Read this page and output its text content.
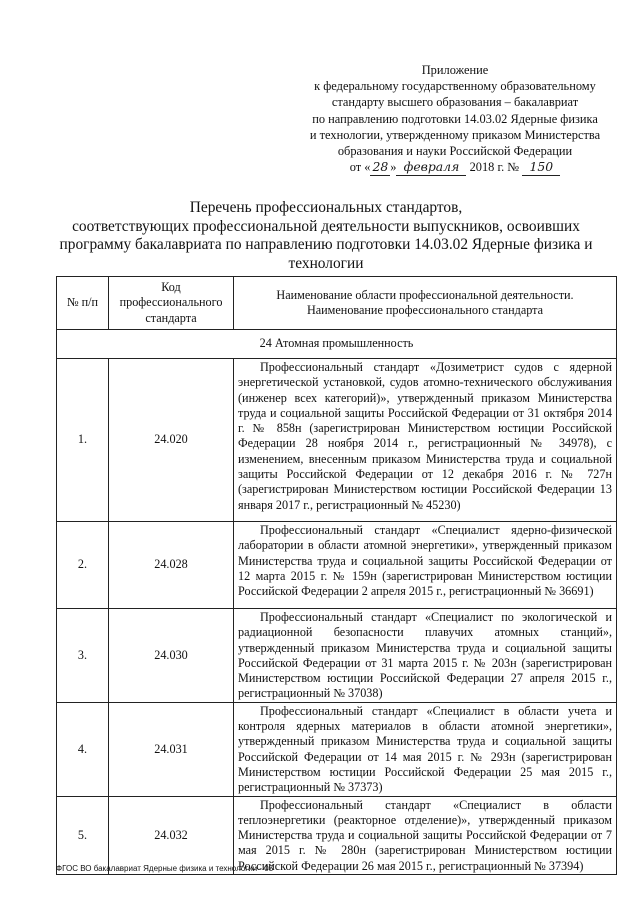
Приложение
к федеральному государственному образовательному
стандарту высшего образования – бакалавриат
по направлению подготовки 14.03.02 Ядерные физика
и технологии, утвержденному приказом Министерства
образования и науки Российской Федерации
от « 28 » февраля 2018 г. № 150
Перечень профессиональных стандартов,
соответствующих профессиональной деятельности выпускников, освоивших
программу бакалавриата по направлению подготовки 14.03.02 Ядерные физика и
технологии
№ п/п	Код профессионального стандарта	Наименование области профессиональной деятельности. Наименование профессионального стандарта
24 Атомная промышленность		
1.	24.020	Профессиональный стандарт «Дозиметрист судов с ядерной энергетической установкой, судов атомно-технического обслуживания (инженер всех категорий)», утвержденный приказом Министерства труда и социальной защиты Российской Федерации от 31 октября 2014 г. № 858н (зарегистрирован Министерством юстиции Российской Федерации 28 ноября 2014 г., регистрационный № 34978), с изменением, внесенным приказом Министерства труда и социальной защиты Российской Федерации от 12 декабря 2016 г. № 727н (зарегистрирован Министерством юстиции Российской Федерации 13 января 2017 г., регистрационный № 45230)
2.	24.028	Профессиональный стандарт «Специалист ядерно-физической лаборатории в области атомной энергетики», утвержденный приказом Министерства труда и социальной защиты Российской Федерации от 12 марта 2015 г. № 159н (зарегистрирован Министерством юстиции Российской Федерации 2 апреля 2015 г., регистрационный № 36691)
3.	24.030	Профессиональный стандарт «Специалист по экологической и радиационной безопасности плавучих атомных станций», утвержденный приказом Министерства труда и социальной защиты Российской Федерации от 31 марта 2015 г. № 203н (зарегистрирован Министерством юстиции Российской Федерации 27 апреля 2015 г., регистрационный № 37038)
4.	24.031	Профессиональный стандарт «Специалист в области учета и контроля ядерных материалов в области атомной энергетики», утвержденный приказом Министерства труда и социальной защиты Российской Федерации от 14 мая 2015 г. № 293н (зарегистрирован Министерством юстиции Российской Федерации 25 мая 2015 г., регистрационный № 37373)
5.	24.032	Профессиональный стандарт «Специалист в области теплоэнергетики (реакторное отделение)», утвержденный приказом Министерства труда и социальной защиты Российской Федерации от 7 мая 2015 г. № 280н (зарегистрирован Министерством юстиции Российской Федерации 26 мая 2015 г., регистрационный № 37394)
ФГОС ВО бакалавриат Ядерные физика и технологии - 05
